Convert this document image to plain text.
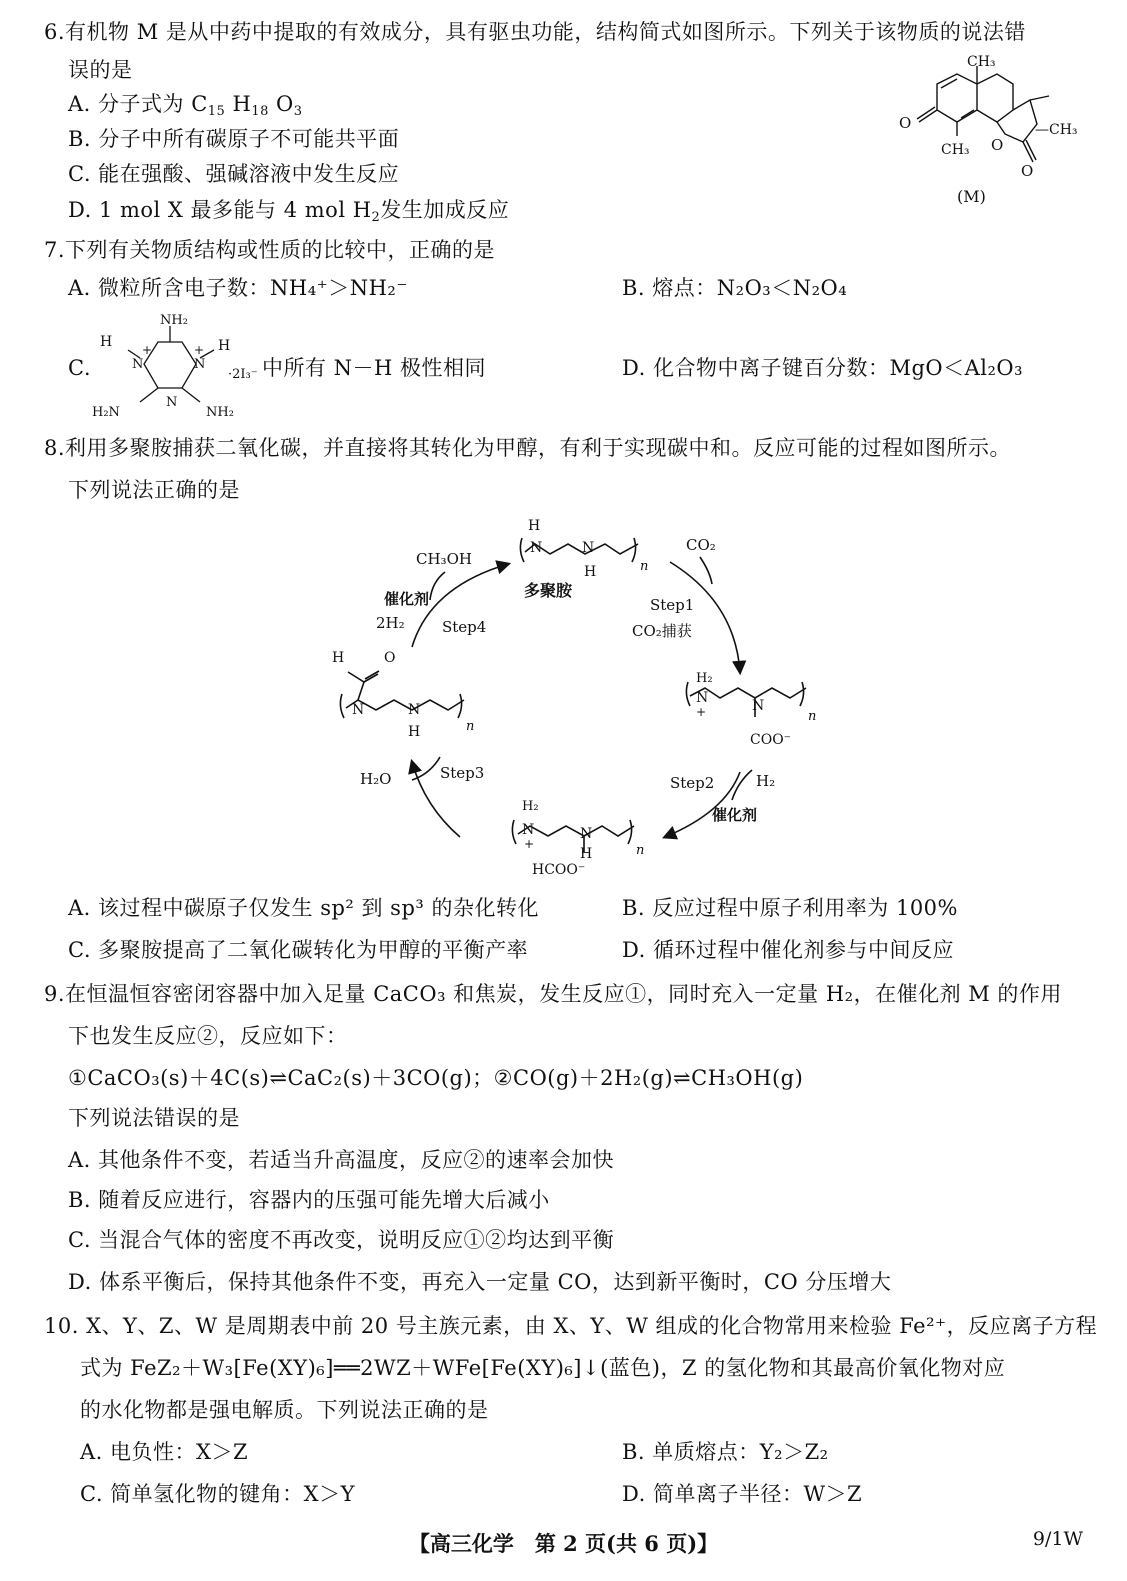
6.有机物 M 是从中药中提取的有效成分，具有驱虫功能，结构简式如图所示。下列关于该物质的说法错
误的是
A. 分子式为 $C_{15}$ $H_{18}$ $O_3$
B. 分子中所有碳原子不可能共平面
C. 能在强酸、强碱溶液中发生反应
D. 1 mol X 最多能与 4 mol $H_2$发生加成反应
CH₃
—CH₃
CH₃
O
O
O
(M)
7.下列有关物质结构或性质的比较中，正确的是
A. 微粒所含电子数：NH₄⁺＞NH₂⁻	B. 熔点：N₂O₃＜N₂O₄
C.
NH₂
H	H
N	N
N
+	+
H₂N	NH₂
·2I₃⁻ 中所有 N－H 极性相同	D. 化合物中离子键百分数：MgO＜Al₂O₃
8.利用多聚胺捕获二氧化碳，并直接将其转化为甲醇，有利于实现碳中和。反应可能的过程如图所示。
下列说法正确的是
H
N	N
H	n
多聚胺
CO₂
Step1
CO₂捕获
H₂
N
+	N
n
COO⁻
Step2	H₂
催化剂
H₂
N
+
N
H	n
HCOO⁻
Step3
H₂O
H	O
N	N
H	n
CH₃OH
催化剂
2H₂ Step4
A. 该过程中碳原子仅发生 sp² 到 sp³ 的杂化转化	B. 反应过程中原子利用率为 100%
C. 多聚胺提高了二氧化碳转化为甲醇的平衡产率	D. 循环过程中催化剂参与中间反应
9.在恒温恒容密闭容器中加入足量 CaCO₃ 和焦炭，发生反应①，同时充入一定量 H₂，在催化剂 M 的作用
下也发生反应②，反应如下：
①CaCO₃(s)＋4C(s)⇌CaC₂(s)＋3CO(g)；②CO(g)＋2H₂(g)⇌CH₃OH(g)
下列说法错误的是
A. 其他条件不变，若适当升高温度，反应②的速率会加快
B. 随着反应进行，容器内的压强可能先增大后减小
C. 当混合气体的密度不再改变，说明反应①②均达到平衡
D. 体系平衡后，保持其他条件不变，再充入一定量 CO，达到新平衡时，CO 分压增大
10. X、Y、Z、W 是周期表中前 20 号主族元素，由 X、Y、W 组成的化合物常用来检验 Fe²⁺，反应离子方程
式为 FeZ₂＋W₃[Fe(XY)₆]══2WZ＋WFe[Fe(XY)₆]↓(蓝色)，Z 的氢化物和其最高价氧化物对应
的水化物都是强电解质。下列说法正确的是
A. 电负性：X＞Z	B. 单质熔点：Y₂＞Z₂
C. 简单氢化物的键角：X＞Y	D. 简单离子半径：W＞Z
【高三化学　第 2 页(共 6 页)】	9/1W
